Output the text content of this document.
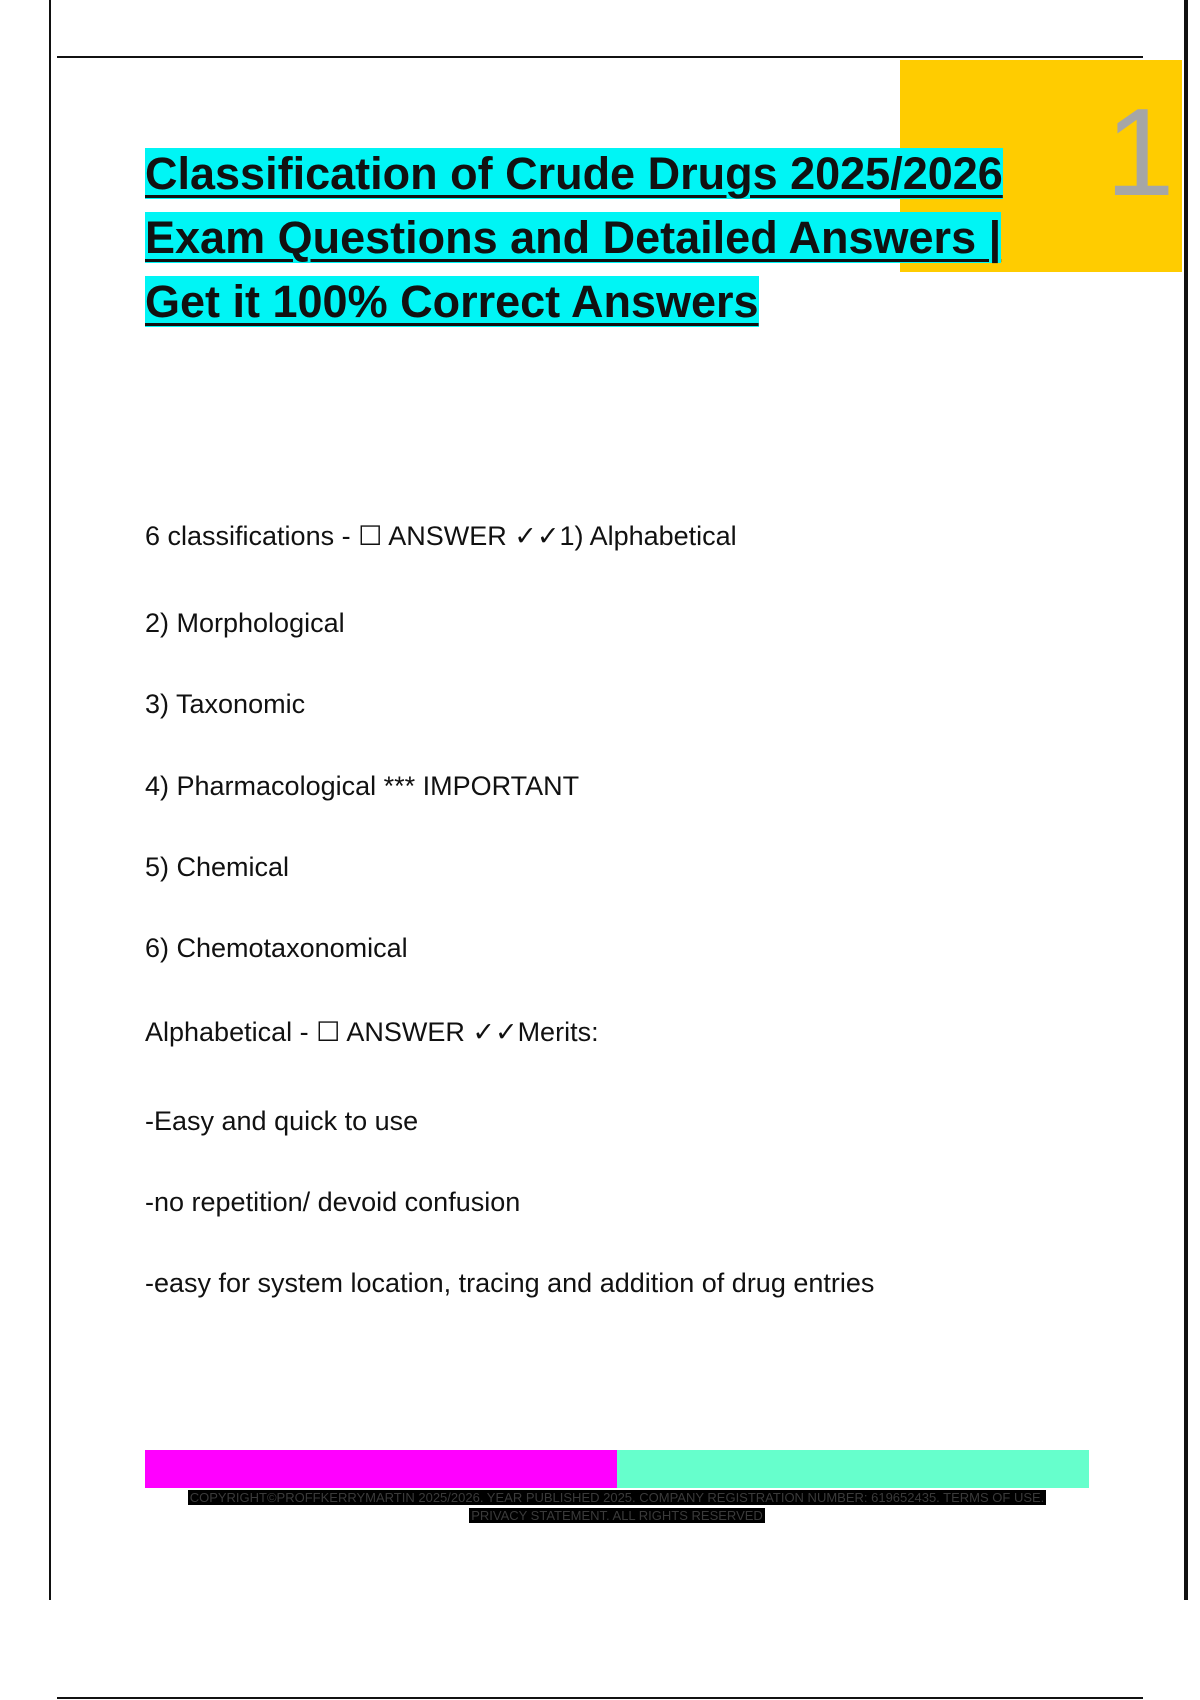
1
Classification of Crude Drugs 2025/2026
Exam Questions and Detailed Answers |
Get it 100% Correct Answers
6 classifications - ☐ ANSWER ✓✓1) Alphabetical
2) Morphological
3) Taxonomic
4) Pharmacological *** IMPORTANT
5) Chemical
6) Chemotaxonomical
Alphabetical - ☐ ANSWER ✓✓Merits:
-Easy and quick to use
-no repetition/ devoid confusion
-easy for system location, tracing and addition of drug entries
COPYRIGHT©PROFFKERRYMARTIN 2025/2026. YEAR PUBLISHED 2025. COMPANY REGISTRATION NUMBER: 619652435. TERMS OF USE.
PRIVACY STATEMENT. ALL RIGHTS RESERVED
